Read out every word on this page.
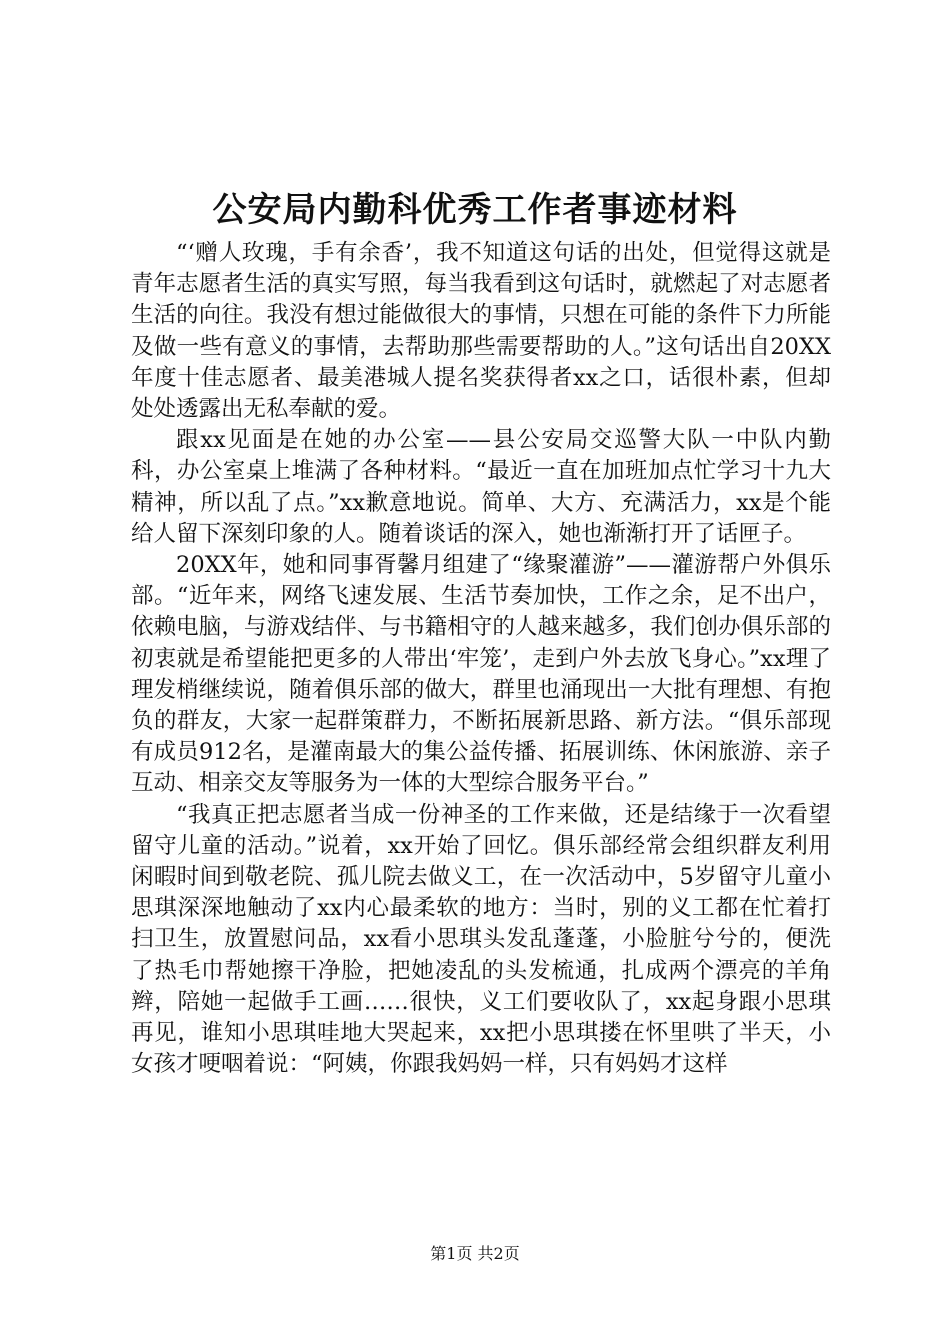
公安局内勤科优秀工作者事迹材料

“‘赠人玫瑰，手有余香’，我不知道这句话的出处，但觉得这就是青年志愿者生活的真实写照，每当我看到这句话时，就燃起了对志愿者生活的向往。我没有想过能做很大的事情，只想在可能的条件下力所能及做一些有意义的事情，去帮助那些需要帮助的人。”这句话出自20XX年度十佳志愿者、最美港城人提名奖获得者xx之口，话很朴素，但却处处透露出无私奉献的爱。

跟xx见面是在她的办公室——县公安局交巡警大队一中队内勤科，办公室桌上堆满了各种材料。“最近一直在加班加点忙学习十九大精神，所以乱了点。”xx歉意地说。简单、大方、充满活力，xx是个能给人留下深刻印象的人。随着谈话的深入，她也渐渐打开了话匣子。

20XX年，她和同事胥馨月组建了“缘聚灌游”——灌游帮户外俱乐部。“近年来，网络飞速发展、生活节奏加快，工作之余，足不出户，依赖电脑，与游戏结伴、与书籍相守的人越来越多，我们创办俱乐部的初衷就是希望能把更多的人带出‘牢笼’，走到户外去放飞身心。”xx理了理发梢继续说，随着俱乐部的做大，群里也涌现出一大批有理想、有抱负的群友，大家一起群策群力，不断拓展新思路、新方法。“俱乐部现有成员912名，是灌南最大的集公益传播、拓展训练、休闲旅游、亲子互动、相亲交友等服务为一体的大型综合服务平台。”

“我真正把志愿者当成一份神圣的工作来做，还是结缘于一次看望留守儿童的活动。”说着，xx开始了回忆。俱乐部经常会组织群友利用闲暇时间到敬老院、孤儿院去做义工，在一次活动中，5岁留守儿童小思琪深深地触动了xx内心最柔软的地方：当时，别的义工都在忙着打扫卫生，放置慰问品，xx看小思琪头发乱蓬蓬，小脸脏兮兮的，便洗了热毛巾帮她擦干净脸，把她凌乱的头发梳通，扎成两个漂亮的羊角辫，陪她一起做手工画……很快，义工们要收队了，xx起身跟小思琪再见，谁知小思琪哇地大哭起来，xx把小思琪搂在怀里哄了半天，小女孩才哽咽着说：“阿姨，你跟我妈妈一样，只有妈妈才这样

第1页 共2页
